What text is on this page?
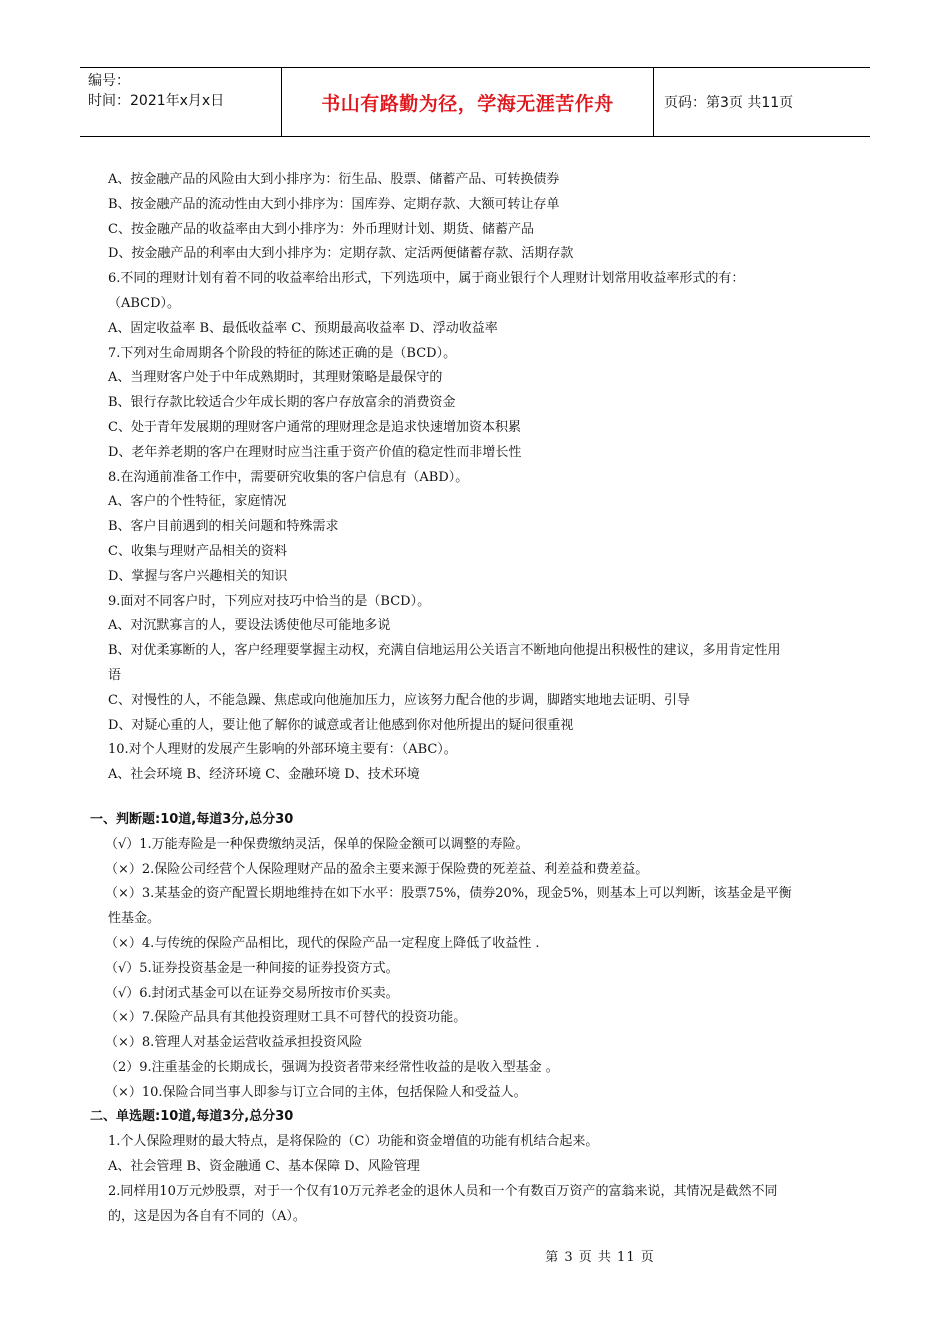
编号：
时间：2021年x月x日	书山有路勤为径，学海无涯苦作舟	页码：第3页 共11页
A、按金融产品的风险由大到小排序为：衍生品、股票、储蓄产品、可转换债券
B、按金融产品的流动性由大到小排序为：国库券、定期存款、大额可转让存单
C、按金融产品的收益率由大到小排序为：外币理财计划、期货、储蓄产品
D、按金融产品的利率由大到小排序为：定期存款、定活两便储蓄存款、活期存款
6.不同的理财计划有着不同的收益率给出形式，下列选项中，属于商业银行个人理财计划常用收益率形式的有：
（ABCD）。
A、固定收益率 B、最低收益率 C、预期最高收益率 D、浮动收益率
7.下列对生命周期各个阶段的特征的陈述正确的是（BCD）。
A、当理财客户处于中年成熟期时，其理财策略是最保守的
B、银行存款比较适合少年成长期的客户存放富余的消费资金
C、处于青年发展期的理财客户通常的理财理念是追求快速增加资本积累
D、老年养老期的客户在理财时应当注重于资产价值的稳定性而非增长性
8.在沟通前准备工作中，需要研究收集的客户信息有（ABD）。
A、客户的个性特征，家庭情况
B、客户目前遇到的相关问题和特殊需求
C、收集与理财产品相关的资料
D、掌握与客户兴趣相关的知识
9.面对不同客户时，下列应对技巧中恰当的是（BCD）。
A、对沉默寡言的人，要设法诱使他尽可能地多说
B、对优柔寡断的人，客户经理要掌握主动权，充满自信地运用公关语言不断地向他提出积极性的建议，多用肯定性用
语
C、对慢性的人，不能急躁、焦虑或向他施加压力，应该努力配合他的步调，脚踏实地地去证明、引导
D、对疑心重的人，要让他了解你的诚意或者让他感到你对他所提出的疑问很重视
10.对个人理财的发展产生影响的外部环境主要有：（ABC）。
A、社会环境 B、经济环境 C、金融环境 D、技术环境
一、判断题:10道,每道3分,总分30
（√）1.万能寿险是一种保费缴纳灵活，保单的保险金额可以调整的寿险。
（×）2.保险公司经营个人保险理财产品的盈余主要来源于保险费的死差益、利差益和费差益。
（×）3.某基金的资产配置长期地维持在如下水平：股票75%，债券20%，现金5%，则基本上可以判断，该基金是平衡
性基金。
（×）4.与传统的保险产品相比，现代的保险产品一定程度上降低了收益性 .
（√）5.证券投资基金是一种间接的证券投资方式。
（√）6.封闭式基金可以在证券交易所按市价买卖。
（×）7.保险产品具有其他投资理财工具不可替代的投资功能。
（×）8.管理人对基金运营收益承担投资风险
（2）9.注重基金的长期成长，强调为投资者带来经常性收益的是收入型基金 。
（×）10.保险合同当事人即参与订立合同的主体，包括保险人和受益人。
二、单选题:10道,每道3分,总分30
1.个人保险理财的最大特点，是将保险的（C）功能和资金增值的功能有机结合起来。
A、社会管理 B、资金融通 C、基本保障 D、风险管理
2.同样用10万元炒股票，对于一个仅有10万元养老金的退休人员和一个有数百万资产的富翁来说，其情况是截然不同
的，这是因为各自有不同的（A）。
第 3 页 共 11 页
